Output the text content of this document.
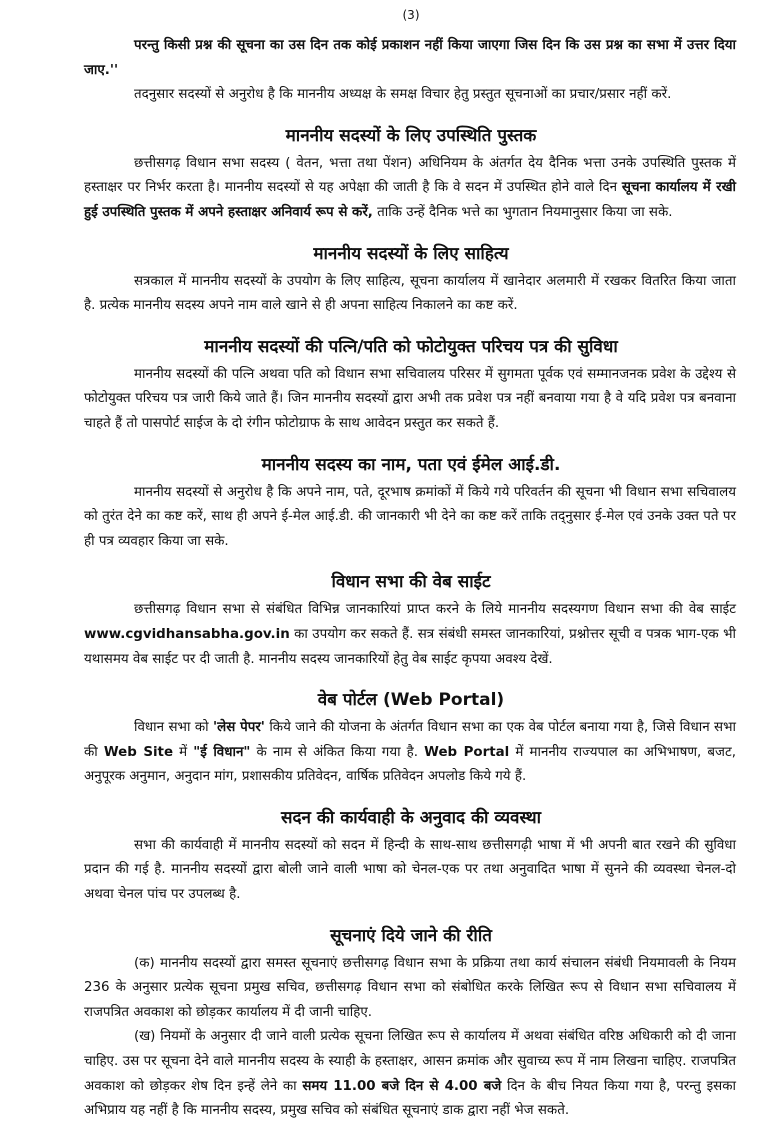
(3)

परन्तु किसी प्रश्न की सूचना का उस दिन तक कोई प्रकाशन नहीं किया जाएगा जिस दिन कि उस प्रश्न का सभा में उत्तर दिया जाए.''

तदनुसार सदस्यों से अनुरोध है कि माननीय अध्यक्ष के समक्ष विचार हेतु प्रस्तुत सूचनाओं का प्रचार/प्रसार नहीं करें.

माननीय सदस्यों के लिए उपस्थिति पुस्तक

छत्तीसगढ़ विधान सभा सदस्य ( वेतन, भत्ता तथा पेंशन) अधिनियम के अंतर्गत देय दैनिक भत्ता उनके उपस्थिति पुस्तक में हस्ताक्षर पर निर्भर करता है। माननीय सदस्यों से यह अपेक्षा की जाती है कि वे सदन में उपस्थित होने वाले दिन सूचना कार्यालय में रखी हुई उपस्थिति पुस्तक में अपने हस्ताक्षर अनिवार्य रूप से करें, ताकि उन्हें दैनिक भत्ते का भुगतान नियमानुसार किया जा सके.

माननीय सदस्यों के लिए साहित्य

सत्रकाल में माननीय सदस्यों के उपयोग के लिए साहित्य, सूचना कार्यालय में खानेदार अलमारी में रखकर वितरित किया जाता है. प्रत्येक माननीय सदस्य अपने नाम वाले खाने से ही अपना साहित्य निकालने का कष्ट करें.

माननीय सदस्यों की पत्नि/पति को फोटोयुक्त परिचय पत्र की सुविधा

माननीय सदस्यों की पत्नि अथवा पति को विधान सभा सचिवालय परिसर में सुगमता पूर्वक एवं सम्मानजनक प्रवेश के उद्देश्य से फोटोयुक्त परिचय पत्र जारी किये जाते हैं। जिन माननीय सदस्यों द्वारा अभी तक प्रवेश पत्र नहीं बनवाया गया है वे यदि प्रवेश पत्र बनवाना चाहते हैं तो पासपोर्ट साईज के दो रंगीन फोटोग्राफ के साथ आवेदन प्रस्तुत कर सकते हैं.

माननीय सदस्य का नाम, पता एवं ईमेल आई.डी.

माननीय सदस्यों से अनुरोध है कि अपने नाम, पते, दूरभाष क्रमांकों में किये गये परिवर्तन की सूचना भी विधान सभा सचिवालय को तुरंत देने का कष्ट करें, साथ ही अपने ई-मेल आई.डी. की जानकारी भी देने का कष्ट करें ताकि तद्नुसार ई-मेल एवं उनके उक्त पते पर ही पत्र व्यवहार किया जा सके.

विधान सभा की वेब साईट

छत्तीसगढ़ विधान सभा से संबंधित विभिन्न जानकारियां प्राप्त करने के लिये माननीय सदस्यगण विधान सभा की वेब साईट www.cgvidhansabha.gov.in का उपयोग कर सकते हैं. सत्र संबंधी समस्त जानकारियां, प्रश्नोत्तर सूची व पत्रक भाग-एक भी यथासमय वेब साईट पर दी जाती है. माननीय सदस्य जानकारियों हेतु वेब साईट कृपया अवश्य देखें.

वेब पोर्टल (Web Portal)

विधान सभा को 'लेस पेपर' किये जाने की योजना के अंतर्गत विधान सभा का एक वेब पोर्टल बनाया गया है, जिसे विधान सभा की Web Site में "ई विधान" के नाम से अंकित किया गया है. Web Portal में माननीय राज्यपाल का अभिभाषण, बजट, अनुपूरक अनुमान, अनुदान मांग, प्रशासकीय प्रतिवेदन, वार्षिक प्रतिवेदन अपलोड किये गये हैं.

सदन की कार्यवाही के अनुवाद की व्यवस्था

सभा की कार्यवाही में माननीय सदस्यों को सदन में हिन्दी के साथ-साथ छत्तीसगढ़ी भाषा में भी अपनी बात रखने की सुविधा प्रदान की गई है. माननीय सदस्यों द्वारा बोली जाने वाली भाषा को चेनल-एक पर तथा अनुवादित भाषा में सुनने की व्यवस्था चेनल-दो अथवा चेनल पांच पर उपलब्ध है.

सूचनाएं दिये जाने की रीति

(क) माननीय सदस्यों द्वारा समस्त सूचनाएं छत्तीसगढ़ विधान सभा के प्रक्रिया तथा कार्य संचालन संबंधी नियमावली के नियम 236 के अनुसार प्रत्येक सूचना प्रमुख सचिव, छत्तीसगढ़ विधान सभा को संबोधित करके लिखित रूप से विधान सभा सचिवालय में राजपत्रित अवकाश को छोड़कर कार्यालय में दी जानी चाहिए.

(ख) नियमों के अनुसार दी जाने वाली प्रत्येक सूचना लिखित रूप से कार्यालय में अथवा संबंधित वरिष्ठ अधिकारी को दी जाना चाहिए. उस पर सूचना देने वाले माननीय सदस्य के स्याही के हस्ताक्षर, आसन क्रमांक और सुवाच्य रूप में नाम लिखना चाहिए. राजपत्रित अवकाश को छोड़कर शेष दिन इन्हें लेने का समय 11.00 बजे दिन से 4.00 बजे दिन के बीच नियत किया गया है, परन्तु इसका अभिप्राय यह नहीं है कि माननीय सदस्य, प्रमुख सचिव को संबंधित सूचनाएं डाक द्वारा नहीं भेज सकते.
